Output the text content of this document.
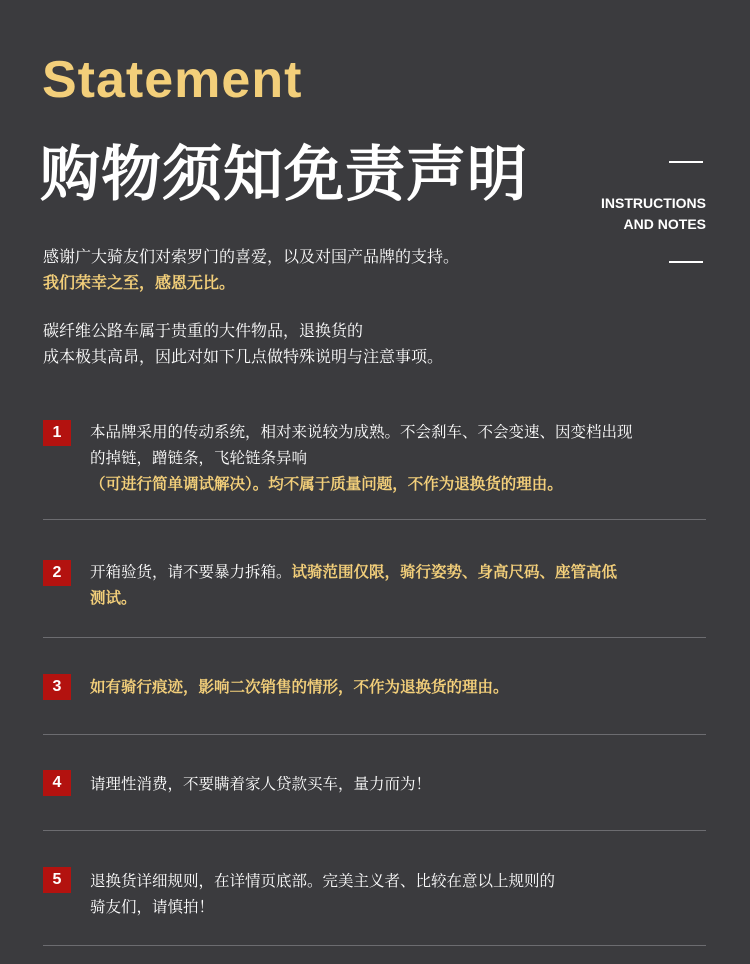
Statement
购物须知免责声明	INSTRUCTIONS
AND NOTES
感谢广大骑友们对索罗门的喜爱，以及对国产品牌的支持。
我们荣幸之至，感恩无比。
碳纤维公路车属于贵重的大件物品，退换货的
成本极其高昂，因此对如下几点做特殊说明与注意事项。
1	本品牌采用的传动系统，相对来说较为成熟。不会刹车、不会变速、因变档出现
的掉链，蹭链条，飞轮链条异响
（可进行简单调试解决）。均不属于质量问题，不作为退换货的理由。
2	开箱验货，请不要暴力拆箱。试骑范围仅限，骑行姿势、身高尺码、座管高低
测试。
3	如有骑行痕迹，影响二次销售的情形，不作为退换货的理由。
4	请理性消费，不要瞒着家人贷款买车，量力而为！
5	退换货详细规则，在详情页底部。完美主义者、比较在意以上规则的
骑友们，请慎拍！
